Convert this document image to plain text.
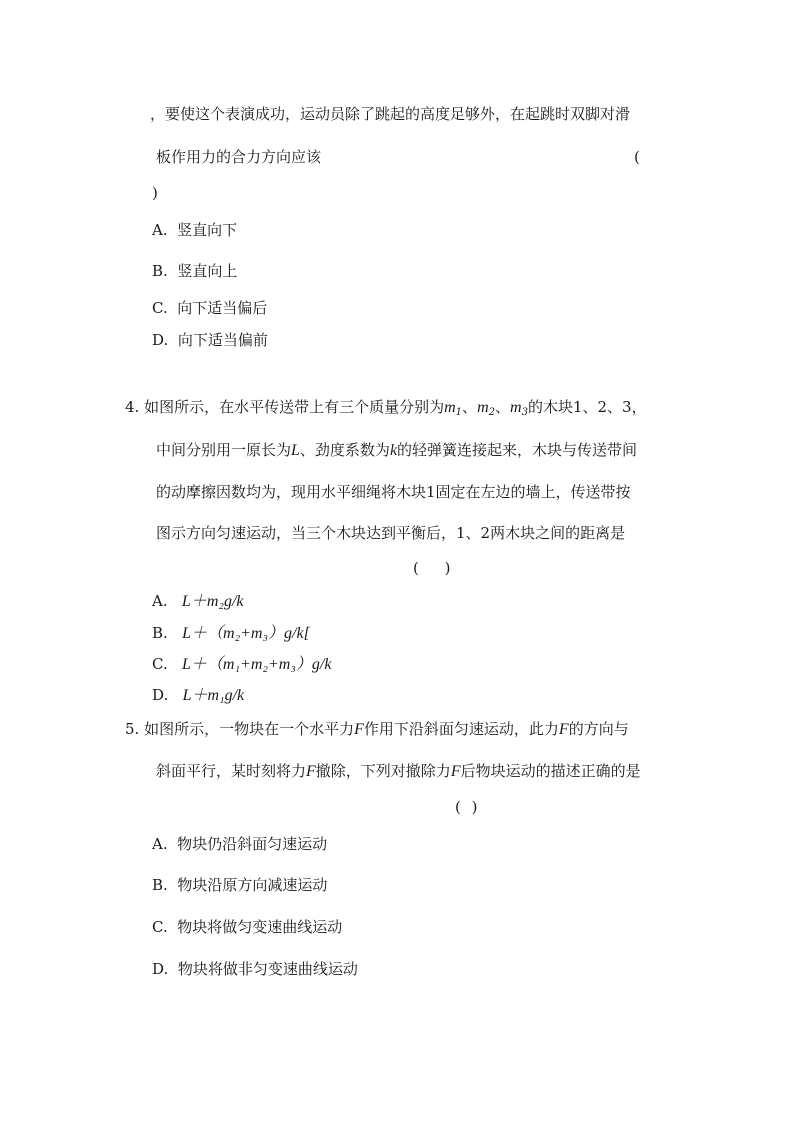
，要使这个表演成功，运动员除了跳起的高度足够外，在起跳时双脚对滑
板作用力的合力方向应该	(
)
A. 竖直向下
B. 竖直向上
C. 向下适当偏后
D. 向下适当偏前
4. 如图所示，在水平传送带上有三个质量分别为$m_1$、$m_2$、$m_3$的木块1、2、3，
中间分别用一原长为L、劲度系数为k的轻弹簧连接起来，木块与传送带间
的动摩擦因数均为，现用水平细绳将木块1固定在左边的墙上，传送带按
图示方向匀速运动，当三个木块达到平衡后，1、2两木块之间的距离是
(　 )
A. L＋m₂g/k
B. L＋（m₂+m₃）g/k[
C. L＋（m₁+m₂+m₃）g/k
D. L＋m₁g/k
5. 如图所示，一物块在一个水平力F作用下沿斜面匀速运动，此力F的方向与
斜面平行，某时刻将力F撤除，下列对撤除力F后物块运动的描述正确的是
( )
A. 物块仍沿斜面匀速运动
B. 物块沿原方向减速运动
C. 物块将做匀变速曲线运动
D. 物块将做非匀变速曲线运动
